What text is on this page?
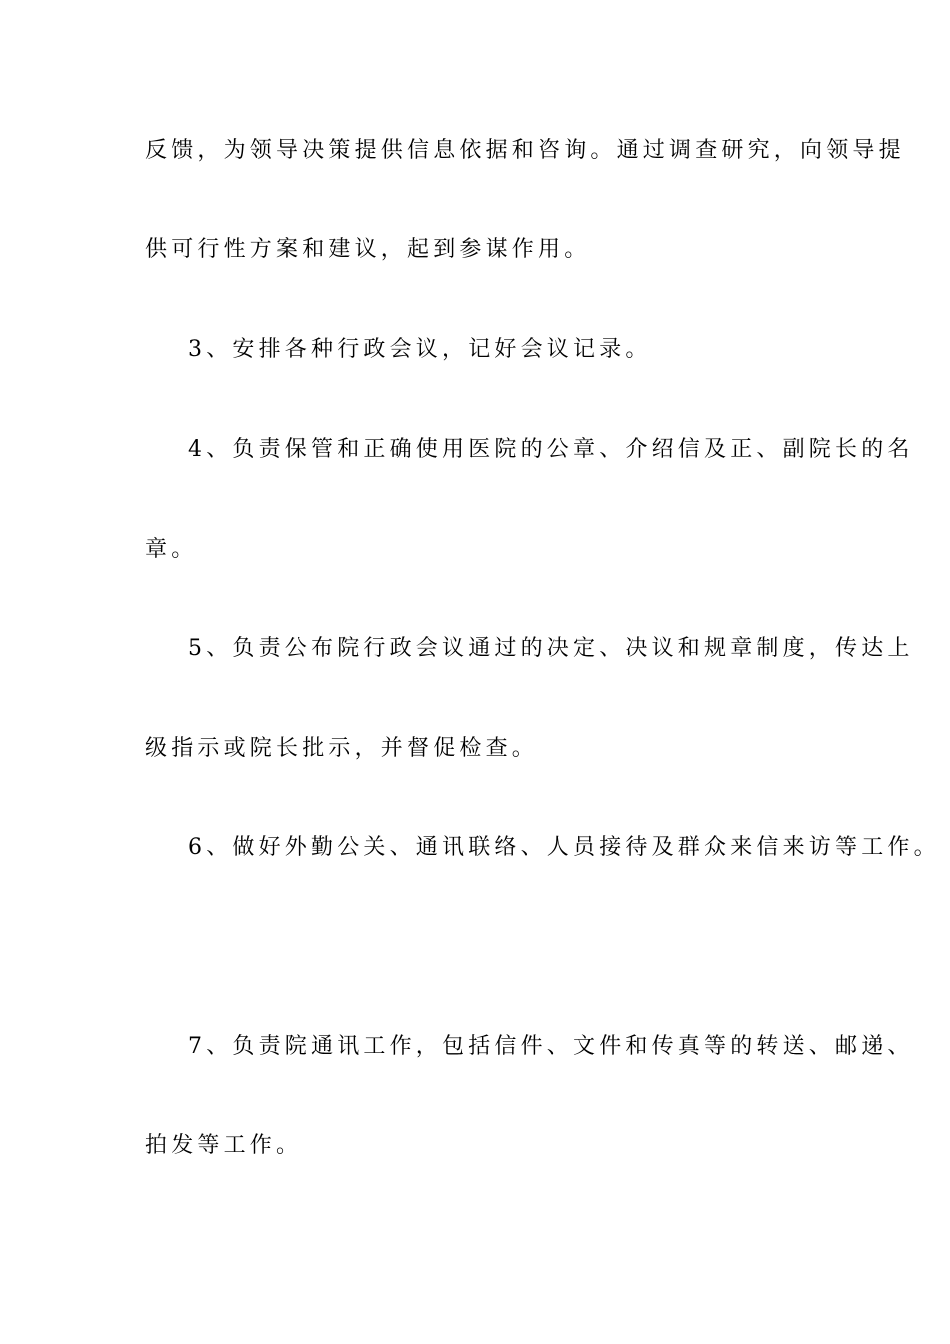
反馈，为领导决策提供信息依据和咨询。通过调查研究，向领导提
供可行性方案和建议，起到参谋作用。
3、安排各种行政会议，记好会议记录。
4、负责保管和正确使用医院的公章、介绍信及正、副院长的名
章。
5、负责公布院行政会议通过的决定、决议和规章制度，传达上
级指示或院长批示，并督促检查。
6、做好外勤公关、通讯联络、人员接待及群众来信来访等工作。
7、负责院通讯工作，包括信件、文件和传真等的转送、邮递、
拍发等工作。
